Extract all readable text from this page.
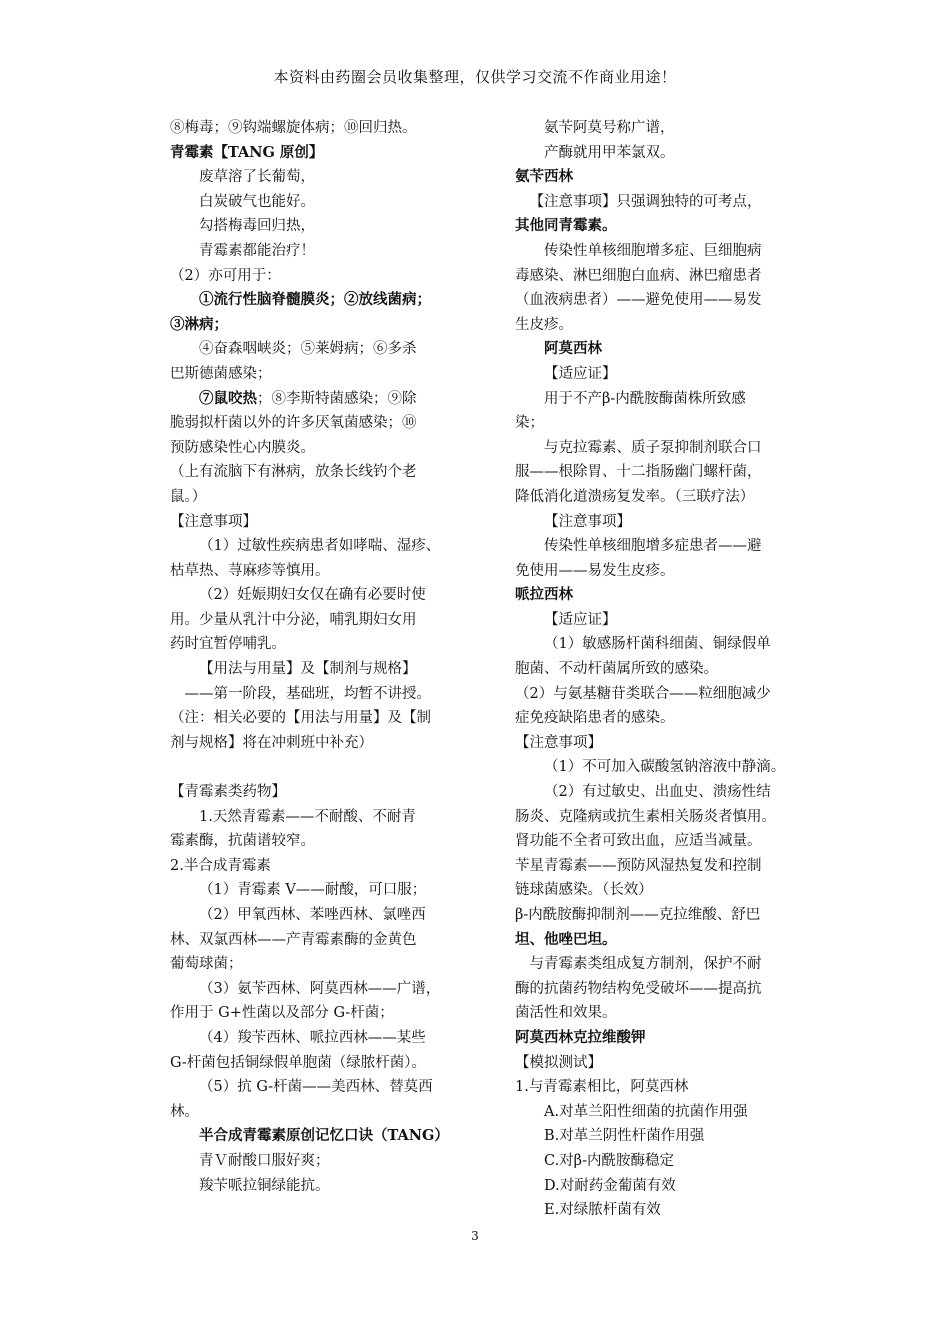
本资料由药圈会员收集整理，仅供学习交流不作商业用途！
⑧梅毒；⑨钩端螺旋体病；⑩回归热。
青霉素【TANG 原创】
废草溶了长葡萄，
白炭破气也能好。
勾搭梅毒回归热，
青霉素都能治疗！
（2）亦可用于：
①流行性脑脊髓膜炎；②放线菌病；
③淋病；
④奋森咽峡炎；⑤莱姆病；⑥多杀
巴斯德菌感染；
⑦鼠咬热；⑧李斯特菌感染；⑨除
脆弱拟杆菌以外的许多厌氧菌感染；⑩
预防感染性心内膜炎。
（上有流脑下有淋病，放条长线钓个老
鼠。）
【注意事项】
（1）过敏性疾病患者如哮喘、湿疹、
枯草热、荨麻疹等慎用。
（2）妊娠期妇女仅在确有必要时使
用。少量从乳汁中分泌，哺乳期妇女用
药时宜暂停哺乳。
【用法与用量】及【制剂与规格】
——第一阶段，基础班，均暂不讲授。
（注：相关必要的【用法与用量】及【制
剂与规格】将在冲刺班中补充）
【青霉素类药物】
1.天然青霉素——不耐酸、不耐青
霉素酶，抗菌谱较窄。
2.半合成青霉素
（1）青霉素 V——耐酸，可口服；
（2）甲氧西林、苯唑西林、氯唑西
林、双氯西林——产青霉素酶的金黄色
葡萄球菌；
（3）氨苄西林、阿莫西林——广谱，
作用于 G+性菌以及部分 G-杆菌；
（4）羧苄西林、哌拉西林——某些
G-杆菌包括铜绿假单胞菌（绿脓杆菌）。
（5）抗 G-杆菌——美西林、替莫西
林。
半合成青霉素原创记忆口诀（TANG）
青Ｖ耐酸口服好爽；
羧苄哌拉铜绿能抗。
氨苄阿莫号称广谱，
产酶就用甲苯氯双。
氨苄西林
【注意事项】只强调独特的可考点，
其他同青霉素。
传染性单核细胞增多症、巨细胞病
毒感染、淋巴细胞白血病、淋巴瘤患者
（血液病患者）——避免使用——易发
生皮疹。
阿莫西林
【适应证】
用于不产β-内酰胺酶菌株所致感
染；
与克拉霉素、质子泵抑制剂联合口
服——根除胃、十二指肠幽门螺杆菌，
降低消化道溃疡复发率。（三联疗法）
【注意事项】
传染性单核细胞增多症患者——避
免使用——易发生皮疹。
哌拉西林
【适应证】
（1）敏感肠杆菌科细菌、铜绿假单
胞菌、不动杆菌属所致的感染。
（2）与氨基糖苷类联合——粒细胞减少
症免疫缺陷患者的感染。
【注意事项】
（1）不可加入碳酸氢钠溶液中静滴。
（2）有过敏史、出血史、溃疡性结
肠炎、克隆病或抗生素相关肠炎者慎用。
肾功能不全者可致出血，应适当减量。
苄星青霉素——预防风湿热复发和控制
链球菌感染。（长效）
β-内酰胺酶抑制剂——克拉维酸、舒巴
坦、他唑巴坦。
与青霉素类组成复方制剂，保护不耐
酶的抗菌药物结构免受破坏——提高抗
菌活性和效果。
阿莫西林克拉维酸钾
【模拟测试】
1.与青霉素相比，阿莫西林
A.对革兰阳性细菌的抗菌作用强
B.对革兰阴性杆菌作用强
C.对β-内酰胺酶稳定
D.对耐药金葡菌有效
E.对绿脓杆菌有效
3
